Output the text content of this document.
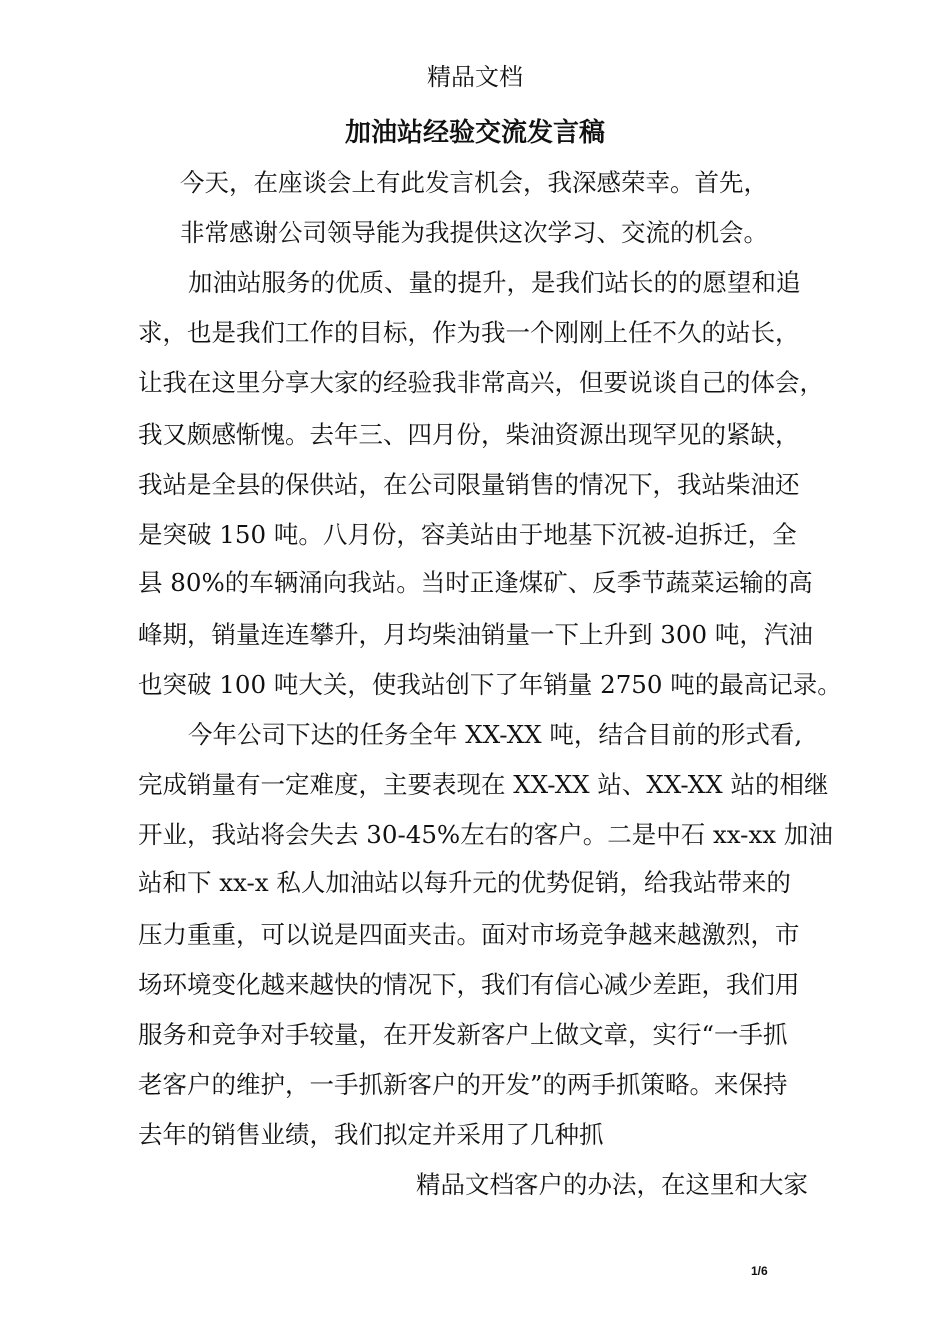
精品文档
加油站经验交流发言稿
今天，在座谈会上有此发言机会，我深感荣幸。首先，
非常感谢公司领导能为我提供这次学习、交流的机会。
加油站服务的优质、量的提升，是我们站长的的愿望和追
求，也是我们工作的目标，作为我一个刚刚上任不久的站长，
让我在这里分享大家的经验我非常高兴，但要说谈自己的体会，
我又颇感惭愧。去年三、四月份，柴油资源出现罕见的紧缺，
我站是全县的保供站，在公司限量销售的情况下，我站柴油还
是突破 150 吨。八月份，容美站由于地基下沉被-迫拆迁，全
县 80%的车辆涌向我站。当时正逢煤矿、反季节蔬菜运输的高
峰期，销量连连攀升，月均柴油销量一下上升到 300 吨，汽油
也突破 100 吨大关，使我站创下了年销量 2750 吨的最高记录。
今年公司下达的任务全年 XX-XX 吨，结合目前的形式看,
完成销量有一定难度，主要表现在 XX-XX 站、XX-XX 站的相继
开业，我站将会失去 30-45%左右的客户。二是中石 xx-xx 加油
站和下 xx-x 私人加油站以每升元的优势促销，给我站带来的
压力重重，可以说是四面夹击。面对市场竞争越来越激烈，市
场环境变化越来越快的情况下，我们有信心减少差距，我们用
服务和竞争对手较量，在开发新客户上做文章，实行“一手抓
老客户的维护，一手抓新客户的开发”的两手抓策略。来保持
去年的销售业绩，我们拟定并采用了几种抓
精品文档客户的办法，在这里和大家
1/6
